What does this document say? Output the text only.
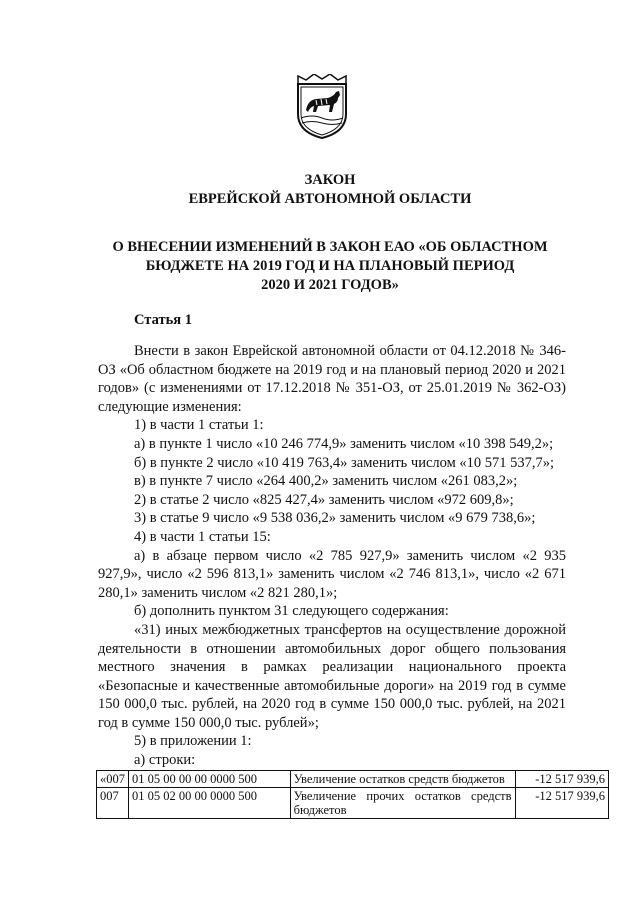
ЗАКОН
ЕВРЕЙСКОЙ АВТОНОМНОЙ ОБЛАСТИ
О ВНЕСЕНИИ ИЗМЕНЕНИЙ В ЗАКОН ЕАО «ОБ ОБЛАСТНОМ
БЮДЖЕТЕ НА 2019 ГОД И НА ПЛАНОВЫЙ ПЕРИОД
2020 И 2021 ГОДОВ»
Статья 1

Внести в закон Еврейской автономной области от 04.12.2018 № 346-ОЗ «Об областном бюджете на 2019 год и на плановый период 2020 и 2021 годов» (с изменениями от 17.12.2018 № 351-ОЗ, от 25.01.2019 № 362-ОЗ) следующие изменения:

1) в части 1 статьи 1:

а) в пункте 1 число «10 246 774,9» заменить числом «10 398 549,2»;

б) в пункте 2 число «10 419 763,4» заменить числом «10 571 537,7»;

в) в пункте 7 число «264 400,2» заменить числом «261 083,2»;

2) в статье 2 число «825 427,4» заменить числом «972 609,8»;

3) в статье 9 число «9 538 036,2» заменить числом «9 679 738,6»;

4) в части 1 статьи 15:

а) в абзаце первом число «2 785 927,9» заменить числом «2 935 927,9», число «2 596 813,1» заменить числом «2 746 813,1», число «2 671 280,1» заменить числом «2 821 280,1»;

б) дополнить пунктом 31 следующего содержания:

«31) иных межбюджетных трансфертов на осуществление дорожной деятельности в отношении автомобильных дорог общего пользования местного значения в рамках реализации национального проекта «Безопасные и качественные автомобильные дороги» на 2019 год в сумме 150 000,0 тыс. рублей, на 2020 год в сумме 150 000,0 тыс. рублей, на 2021 год в сумме 150 000,0 тыс. рублей»;

5) в приложении 1:

а) строки:

«007	01 05 00 00 00 0000 500	Увеличение остатков средств бюджетов	-12 517 939,6
007	01 05 02 00 00 0000 500	Увеличение прочих остатков средств бюджетов	-12 517 939,6
